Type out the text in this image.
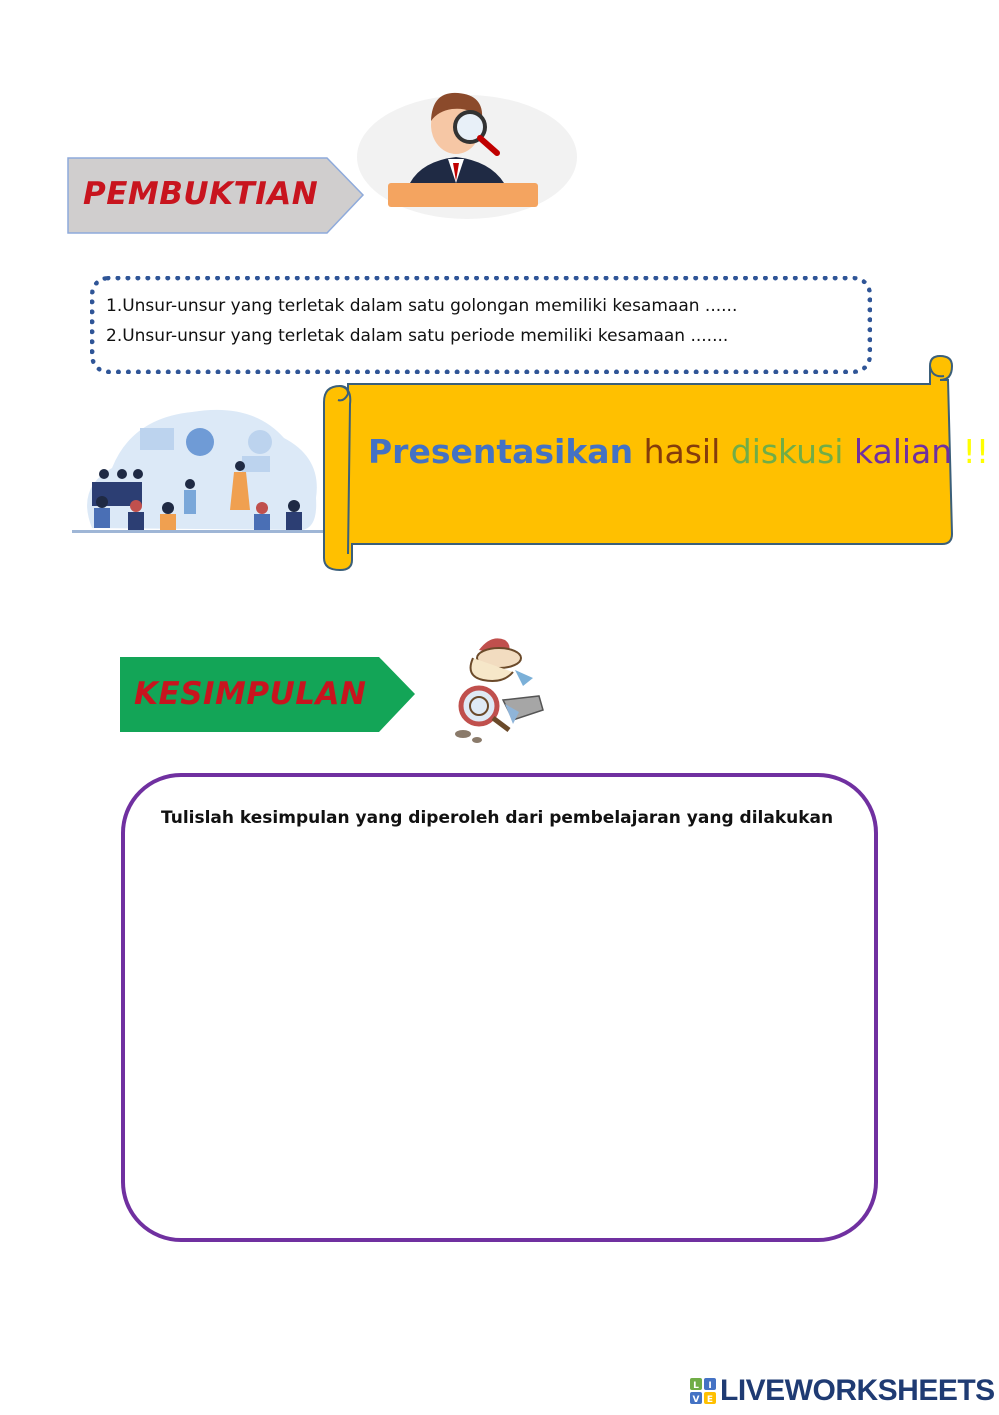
PEMBUKTIAN
1.Unsur-unsur yang terletak dalam satu golongan memiliki kesamaan ......
2.Unsur-unsur yang terletak dalam satu periode memiliki kesamaan .......
Presentasikan hasil diskusi kalian !!
KESIMPULAN
Tulislah kesimpulan yang diperoleh dari pembelajaran yang dilakukan
L I
V E LIVEWORKSHEETS
